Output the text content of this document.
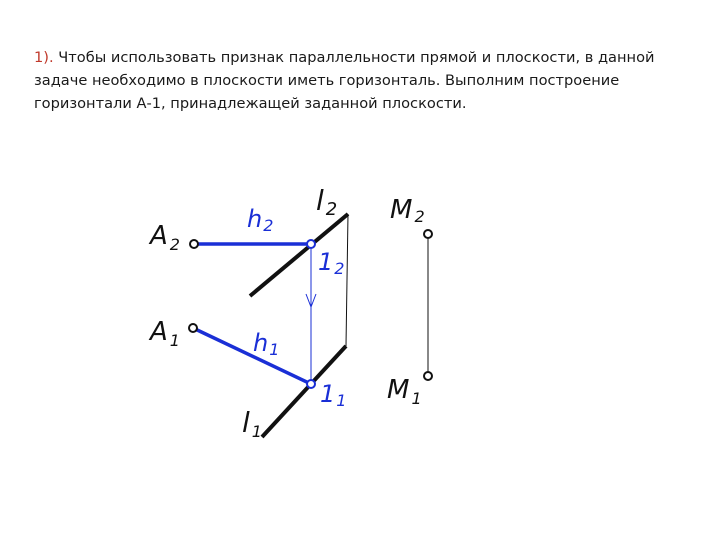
1). Чтобы использовать признак параллельности прямой и плоскости, в данной задаче необходимо в плоскости иметь горизонталь. Выполним построение горизонтали А-1, принадлежащей заданной плоскости.

A $_2$
A $_1$
h2
h1
l 2
l 1
12
11
M 2
M $_1$
